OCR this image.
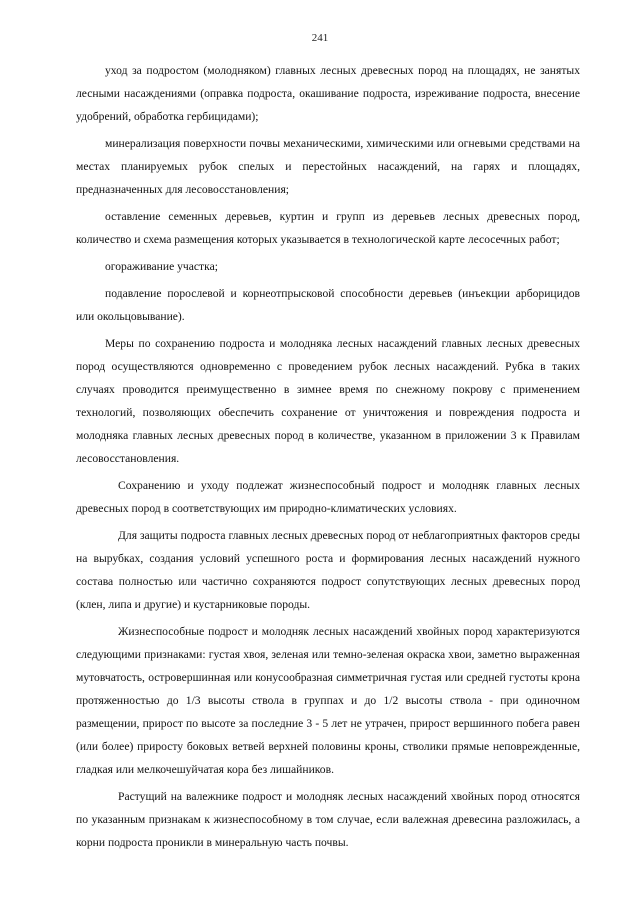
241

уход за подростом (молодняком) главных лесных древесных пород на площадях, не занятых лесными насаждениями (оправка подроста, окашивание подроста, изреживание подроста, внесение удобрений, обработка гербицидами);

минерализация поверхности почвы механическими, химическими или огневыми средствами на местах планируемых рубок спелых и перестойных насаждений, на гарях и площадях, предназначенных для лесовосстановления;

оставление семенных деревьев, куртин и групп из деревьев лесных древесных пород, количество и схема размещения которых указывается в технологической карте лесосечных работ;

огораживание участка;

подавление порослевой и корнеотпрысковой способности деревьев (инъекции арборицидов или окольцовывание).

Меры по сохранению подроста и молодняка лесных насаждений главных лесных древесных пород осуществляются одновременно с проведением рубок лесных насаждений. Рубка в таких случаях проводится преимущественно в зимнее время по снежному покрову с применением технологий, позволяющих обеспечить сохранение от уничтожения и повреждения подроста и молодняка главных лесных древесных пород в количестве, указанном в приложении 3 к Правилам лесовосстановления.

Сохранению и уходу подлежат жизнеспособный подрост и молодняк главных лесных древесных пород в соответствующих им природно-климатических условиях.

Для защиты подроста главных лесных древесных пород от неблагоприятных факторов среды на вырубках, создания условий успешного роста и формирования лесных насаждений нужного состава полностью или частично сохраняются подрост сопутствующих лесных древесных пород (клен, липа и другие) и кустарниковые породы.

Жизнеспособные подрост и молодняк лесных насаждений хвойных пород характеризуются следующими признаками: густая хвоя, зеленая или темно-зеленая окраска хвои, заметно выраженная мутовчатость, островершинная или конусообразная симметричная густая или средней густоты крона протяженностью до 1/3 высоты ствола в группах и до 1/2 высоты ствола - при одиночном размещении, прирост по высоте за последние 3 - 5 лет не утрачен, прирост вершинного побега равен (или более) приросту боковых ветвей верхней половины кроны, стволики прямые неповрежденные, гладкая или мелкочешуйчатая кора без лишайников.

Растущий на валежнике подрост и молодняк лесных насаждений хвойных пород относятся по указанным признакам к жизнеспособному в том случае, если валежная древесина разложилась, а корни подроста проникли в минеральную часть почвы.
